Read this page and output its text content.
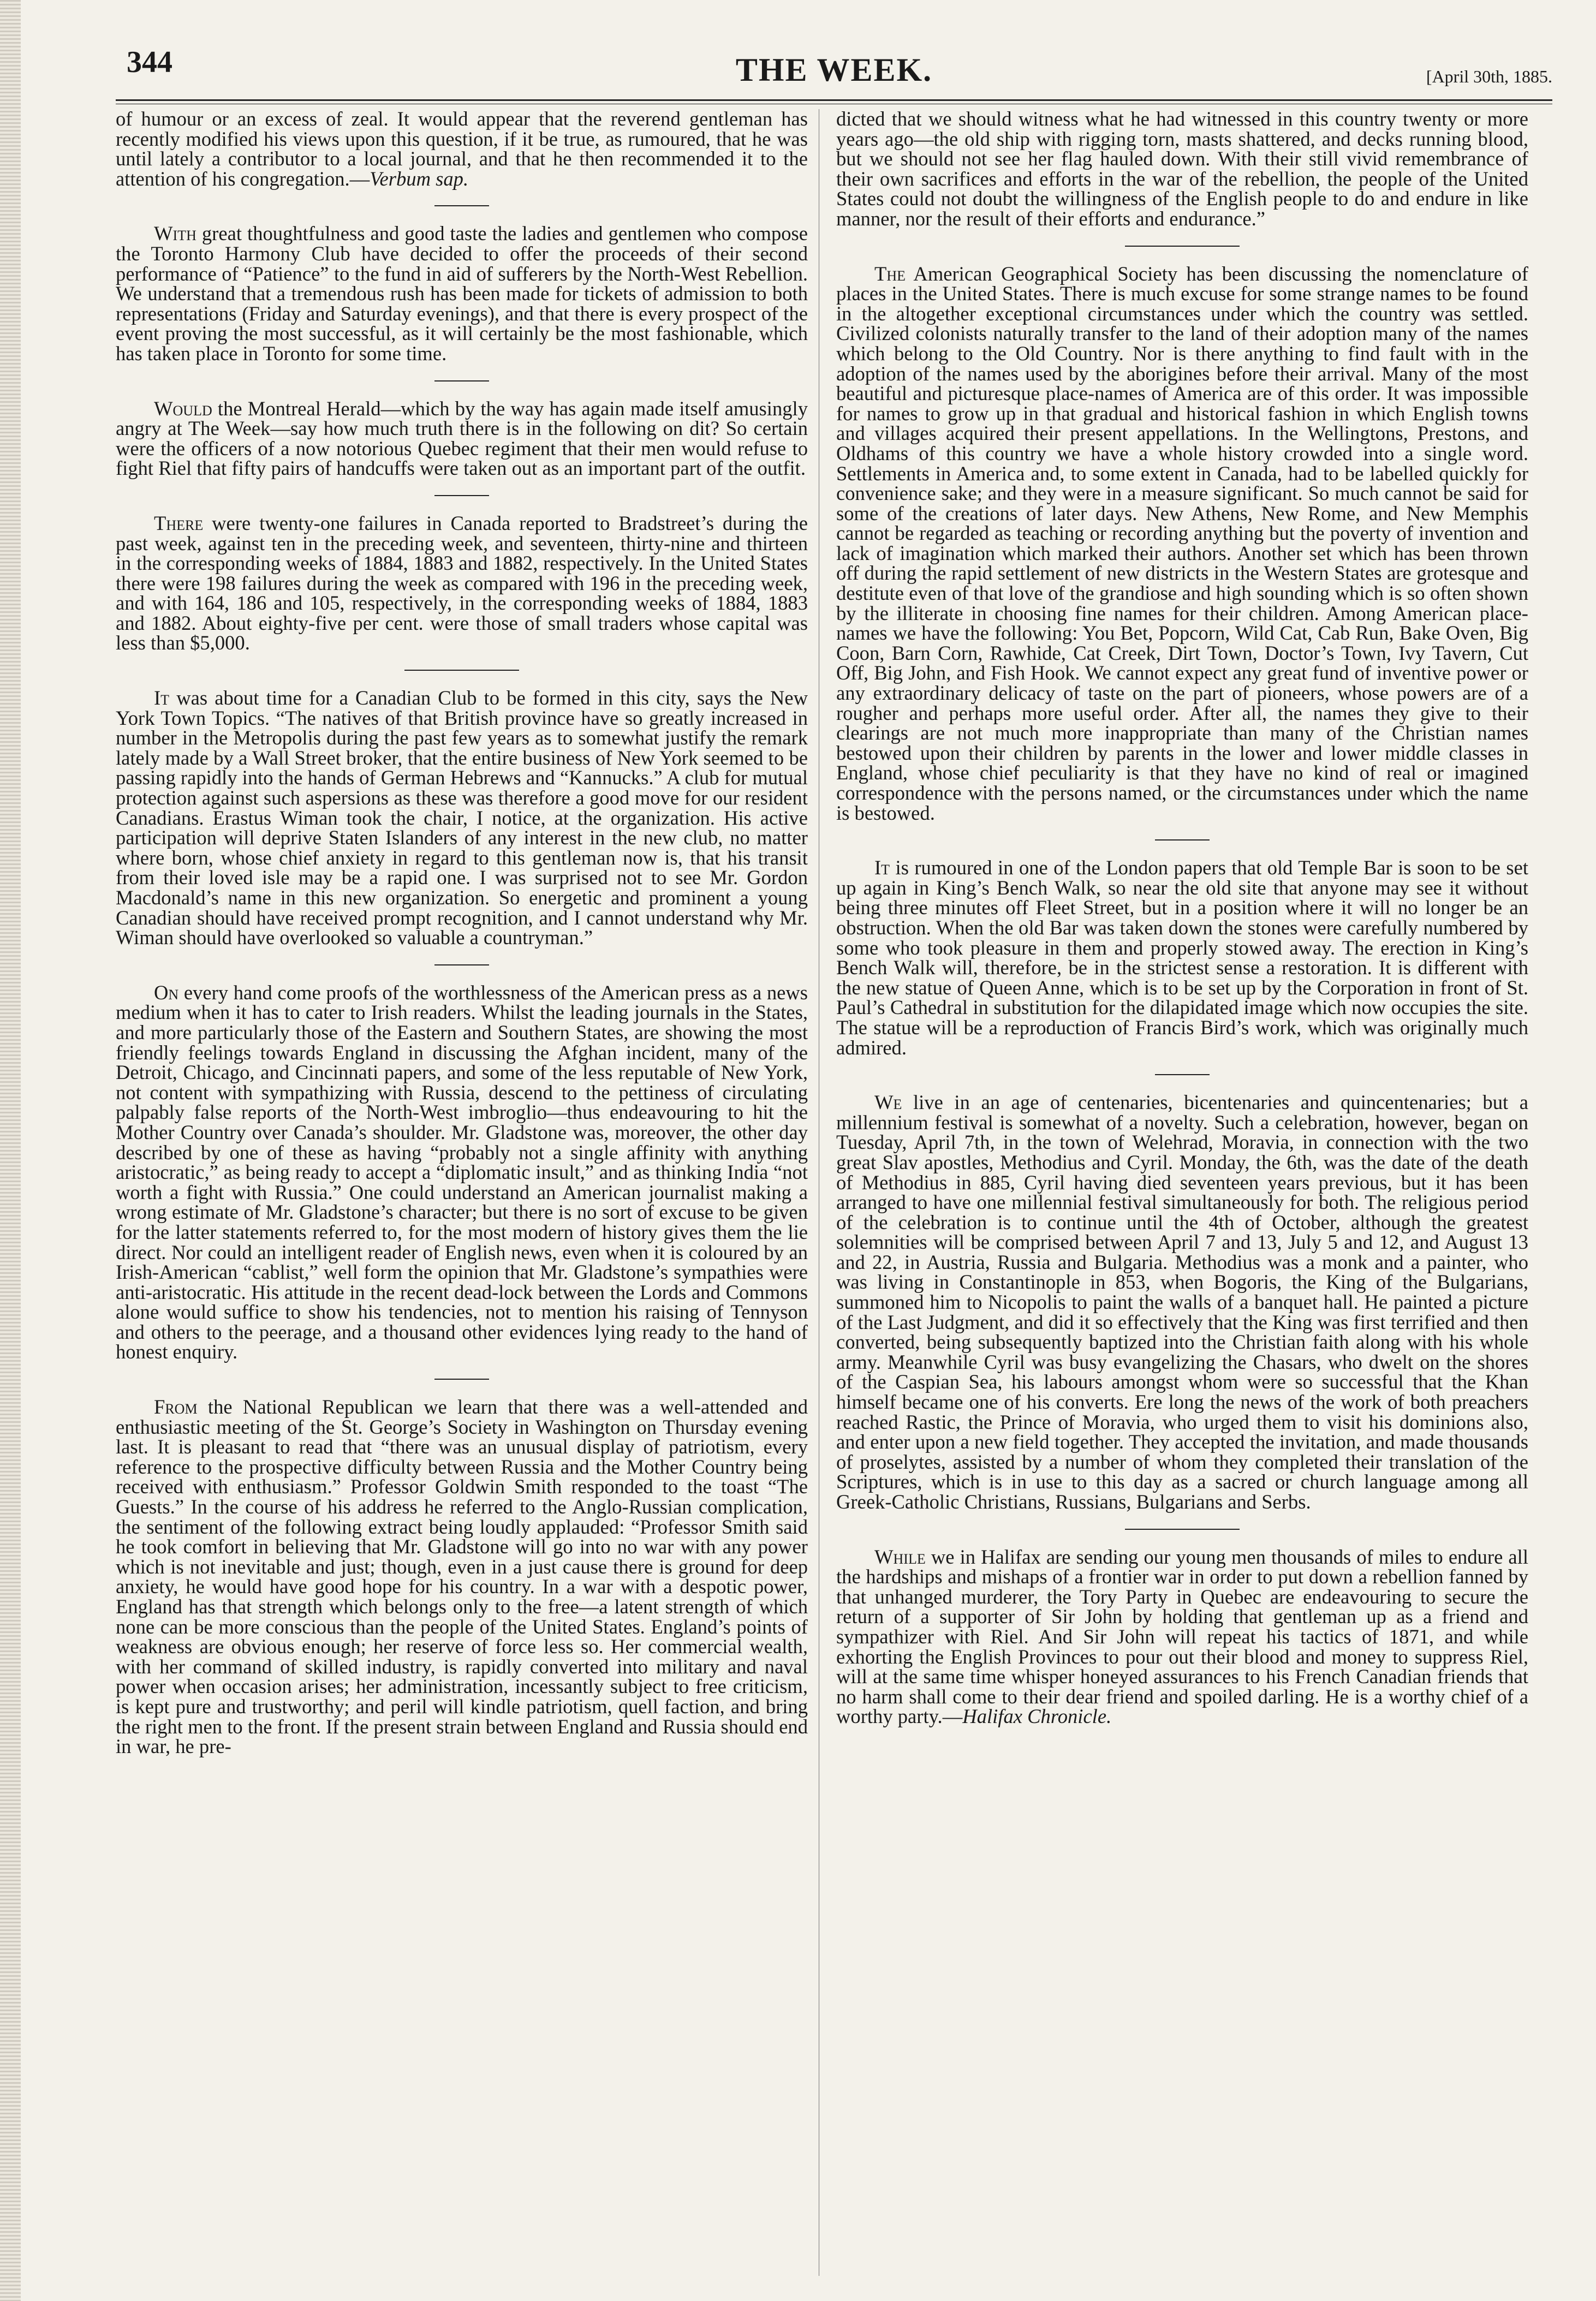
344	THE WEEK.	[April 30th, 1885.

of humour or an excess of zeal. It would appear that the reverend gentleman has recently modified his views upon this question, if it be true, as rumoured, that he was until lately a contributor to a local journal, and that he then recommended it to the attention of his congregation.—Verbum sap.

With great thoughtfulness and good taste the ladies and gentlemen who compose the Toronto Harmony Club have decided to offer the proceeds of their second performance of “Patience” to the fund in aid of sufferers by the North-West Rebellion. We understand that a tremendous rush has been made for tickets of admission to both representations (Friday and Saturday evenings), and that there is every prospect of the event proving the most successful, as it will certainly be the most fashionable, which has taken place in Toronto for some time.

Would the Montreal Herald—which by the way has again made itself amusingly angry at The Week—say how much truth there is in the following on dit? So certain were the officers of a now notorious Quebec regiment that their men would refuse to fight Riel that fifty pairs of handcuffs were taken out as an important part of the outfit.

There were twenty-one failures in Canada reported to Bradstreet’s during the past week, against ten in the preceding week, and seventeen, thirty-nine and thirteen in the corresponding weeks of 1884, 1883 and 1882, respectively. In the United States there were 198 failures during the week as compared with 196 in the preceding week, and with 164, 186 and 105, respectively, in the corresponding weeks of 1884, 1883 and 1882. About eighty-five per cent. were those of small traders whose capital was less than $5,000.

It was about time for a Canadian Club to be formed in this city, says the New York Town Topics. “The natives of that British province have so greatly increased in number in the Metropolis during the past few years as to somewhat justify the remark lately made by a Wall Street broker, that the entire business of New York seemed to be passing rapidly into the hands of German Hebrews and “Kannucks.” A club for mutual protection against such aspersions as these was therefore a good move for our resident Canadians. Erastus Wiman took the chair, I notice, at the organization. His active participation will deprive Staten Islanders of any interest in the new club, no matter where born, whose chief anxiety in regard to this gentleman now is, that his transit from their loved isle may be a rapid one. I was surprised not to see Mr. Gordon Macdonald’s name in this new organization. So energetic and prominent a young Canadian should have received prompt recognition, and I cannot understand why Mr. Wiman should have overlooked so valuable a countryman.”

On every hand come proofs of the worthlessness of the American press as a news medium when it has to cater to Irish readers. Whilst the leading journals in the States, and more particularly those of the Eastern and Southern States, are showing the most friendly feelings towards England in discussing the Afghan incident, many of the Detroit, Chicago, and Cincinnati papers, and some of the less reputable of New York, not content with sympathizing with Russia, descend to the pettiness of circulating palpably false reports of the North-West imbroglio—thus endeavouring to hit the Mother Country over Canada’s shoulder. Mr. Gladstone was, moreover, the other day described by one of these as having “probably not a single affinity with anything aristocratic,” as being ready to accept a “diplomatic insult,” and as thinking India “not worth a fight with Russia.” One could understand an American journalist making a wrong estimate of Mr. Gladstone’s character; but there is no sort of excuse to be given for the latter statements referred to, for the most modern of history gives them the lie direct. Nor could an intelligent reader of English news, even when it is coloured by an Irish-American “cablist,” well form the opinion that Mr. Gladstone’s sympathies were anti-aristocratic. His attitude in the recent dead-lock between the Lords and Commons alone would suffice to show his tendencies, not to mention his raising of Tennyson and others to the peerage, and a thousand other evidences lying ready to the hand of honest enquiry.

From the National Republican we learn that there was a well-attended and enthusiastic meeting of the St. George’s Society in Washington on Thursday evening last. It is pleasant to read that “there was an unusual display of patriotism, every reference to the prospective difficulty between Russia and the Mother Country being received with enthusiasm.” Professor Goldwin Smith responded to the toast “The Guests.” In the course of his address he referred to the Anglo-Russian complication, the sentiment of the following extract being loudly applauded: “Professor Smith said he took comfort in believing that Mr. Gladstone will go into no war with any power which is not inevitable and just; though, even in a just cause there is ground for deep anxiety, he would have good hope for his country. In a war with a despotic power, England has that strength which belongs only to the free—a latent strength of which none can be more conscious than the people of the United States. England’s points of weakness are obvious enough; her reserve of force less so. Her commercial wealth, with her command of skilled industry, is rapidly converted into military and naval power when occasion arises; her administration, incessantly subject to free criticism, is kept pure and trustworthy; and peril will kindle patriotism, quell faction, and bring the right men to the front. If the present strain between England and Russia should end in war, he pre-

dicted that we should witness what he had witnessed in this country twenty or more years ago—the old ship with rigging torn, masts shattered, and decks running blood, but we should not see her flag hauled down. With their still vivid remembrance of their own sacrifices and efforts in the war of the rebellion, the people of the United States could not doubt the willingness of the English people to do and endure in like manner, nor the result of their efforts and endurance.”

The American Geographical Society has been discussing the nomenclature of places in the United States. There is much excuse for some strange names to be found in the altogether exceptional circumstances under which the country was settled. Civilized colonists naturally transfer to the land of their adoption many of the names which belong to the Old Country. Nor is there anything to find fault with in the adoption of the names used by the aborigines before their arrival. Many of the most beautiful and picturesque place-names of America are of this order. It was impossible for names to grow up in that gradual and historical fashion in which English towns and villages acquired their present appellations. In the Wellingtons, Prestons, and Oldhams of this country we have a whole history crowded into a single word. Settlements in America and, to some extent in Canada, had to be labelled quickly for convenience sake; and they were in a measure significant. So much cannot be said for some of the creations of later days. New Athens, New Rome, and New Memphis cannot be regarded as teaching or recording anything but the poverty of invention and lack of imagination which marked their authors. Another set which has been thrown off during the rapid settlement of new districts in the Western States are grotesque and destitute even of that love of the grandiose and high sounding which is so often shown by the illiterate in choosing fine names for their children. Among American place-names we have the following: You Bet, Popcorn, Wild Cat, Cab Run, Bake Oven, Big Coon, Barn Corn, Rawhide, Cat Creek, Dirt Town, Doctor’s Town, Ivy Tavern, Cut Off, Big John, and Fish Hook. We cannot expect any great fund of inventive power or any extraordinary delicacy of taste on the part of pioneers, whose powers are of a rougher and perhaps more useful order. After all, the names they give to their clearings are not much more inappropriate than many of the Christian names bestowed upon their children by parents in the lower and lower middle classes in England, whose chief peculiarity is that they have no kind of real or imagined correspondence with the persons named, or the circumstances under which the name is bestowed.

It is rumoured in one of the London papers that old Temple Bar is soon to be set up again in King’s Bench Walk, so near the old site that anyone may see it without being three minutes off Fleet Street, but in a position where it will no longer be an obstruction. When the old Bar was taken down the stones were carefully numbered by some who took pleasure in them and properly stowed away. The erection in King’s Bench Walk will, therefore, be in the strictest sense a restoration. It is different with the new statue of Queen Anne, which is to be set up by the Corporation in front of St. Paul’s Cathedral in substitution for the dilapidated image which now occupies the site. The statue will be a reproduction of Francis Bird’s work, which was originally much admired.

We live in an age of centenaries, bicentenaries and quincentenaries; but a millennium festival is somewhat of a novelty. Such a celebration, however, began on Tuesday, April 7th, in the town of Welehrad, Moravia, in connection with the two great Slav apostles, Methodius and Cyril. Monday, the 6th, was the date of the death of Methodius in 885, Cyril having died seventeen years previous, but it has been arranged to have one millennial festival simultaneously for both. The religious period of the celebration is to continue until the 4th of October, although the greatest solemnities will be comprised between April 7 and 13, July 5 and 12, and August 13 and 22, in Austria, Russia and Bulgaria. Methodius was a monk and a painter, who was living in Constantinople in 853, when Bogoris, the King of the Bulgarians, summoned him to Nicopolis to paint the walls of a banquet hall. He painted a picture of the Last Judgment, and did it so effectively that the King was first terrified and then converted, being subsequently baptized into the Christian faith along with his whole army. Meanwhile Cyril was busy evangelizing the Chasars, who dwelt on the shores of the Caspian Sea, his labours amongst whom were so successful that the Khan himself became one of his converts. Ere long the news of the work of both preachers reached Rastic, the Prince of Moravia, who urged them to visit his dominions also, and enter upon a new field together. They accepted the invitation, and made thousands of proselytes, assisted by a number of whom they completed their translation of the Scriptures, which is in use to this day as a sacred or church language among all Greek-Catholic Christians, Russians, Bulgarians and Serbs.

While we in Halifax are sending our young men thousands of miles to endure all the hardships and mishaps of a frontier war in order to put down a rebellion fanned by that unhanged murderer, the Tory Party in Quebec are endeavouring to secure the return of a supporter of Sir John by holding that gentleman up as a friend and sympathizer with Riel. And Sir John will repeat his tactics of 1871, and while exhorting the English Provinces to pour out their blood and money to suppress Riel, will at the same time whisper honeyed assurances to his French Canadian friends that no harm shall come to their dear friend and spoiled darling. He is a worthy chief of a worthy party.—Halifax Chronicle.
